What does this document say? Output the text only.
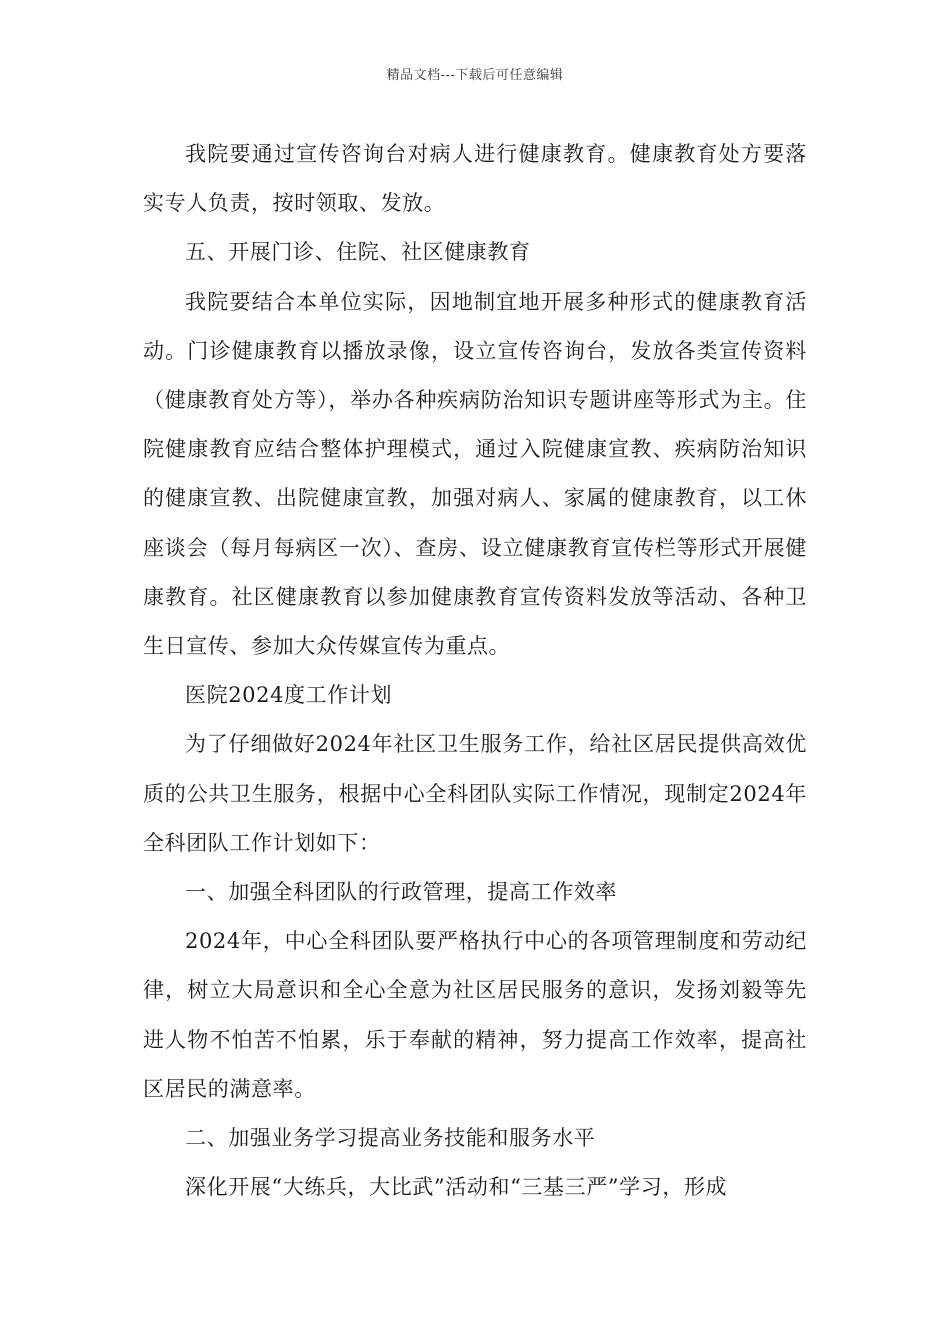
精品文档---下载后可任意编辑

我院要通过宣传咨询台对病人进行健康教育。健康教育处方要落实专人负责，按时领取、发放。

五、开展门诊、住院、社区健康教育

我院要结合本单位实际，因地制宜地开展多种形式的健康教育活动。门诊健康教育以播放录像，设立宣传咨询台，发放各类宣传资料（健康教育处方等），举办各种疾病防治知识专题讲座等形式为主。住院健康教育应结合整体护理模式，通过入院健康宣教、疾病防治知识的健康宣教、出院健康宣教，加强对病人、家属的健康教育，以工休座谈会（每月每病区一次）、查房、设立健康教育宣传栏等形式开展健康教育。社区健康教育以参加健康教育宣传资料发放等活动、各种卫生日宣传、参加大众传媒宣传为重点。

医院2024度工作计划

为了仔细做好2024年社区卫生服务工作，给社区居民提供高效优质的公共卫生服务，根据中心全科团队实际工作情况，现制定2024年全科团队工作计划如下：

一、加强全科团队的行政管理，提高工作效率

2024年，中心全科团队要严格执行中心的各项管理制度和劳动纪律，树立大局意识和全心全意为社区居民服务的意识，发扬刘毅等先进人物不怕苦不怕累，乐于奉献的精神，努力提高工作效率，提高社区居民的满意率。

二、加强业务学习提高业务技能和服务水平

深化开展“大练兵，大比武”活动和“三基三严”学习，形成
